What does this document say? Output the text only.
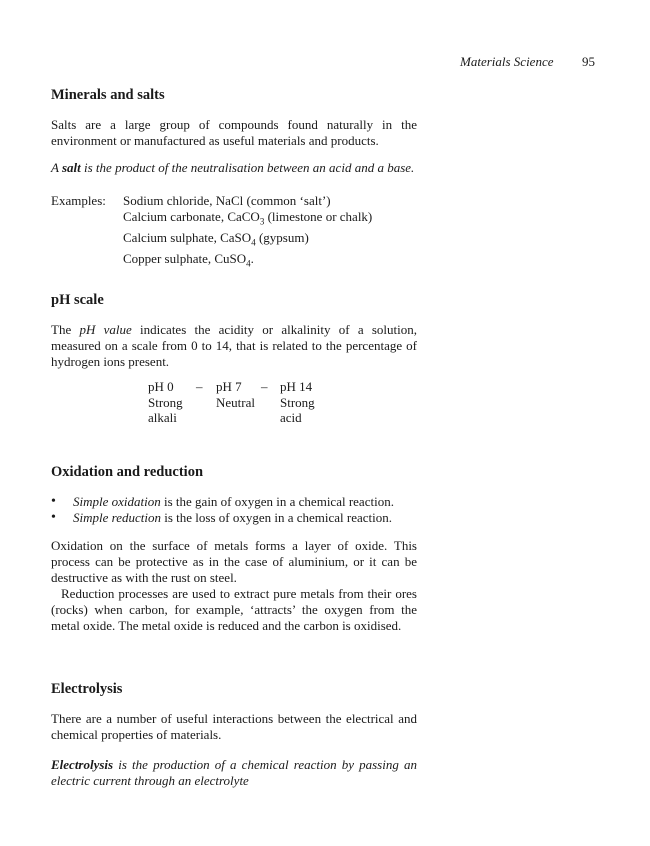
Materials Science 95
Minerals and salts

Salts are a large group of compounds found naturally in the environment or manufactured as useful materials and products.

A salt is the product of the neutralisation between an acid and a base.

Examples: Sodium chloride, NaCl (common ‘salt’)
Calcium carbonate, CaCO$_3$ (limestone or chalk)
Calcium sulphate, CaSO$_4$ (gypsum)
Copper sulphate, CuSO$_4$.
pH scale

The pH value indicates the acidity or alkalinity of a solution, measured on a scale from 0 to 14, that is related to the percentage of hydrogen ions present.

pH 0
Strong
alkali
– pH 7
Neutral
– pH 14
Strong
acid
Oxidation and reduction
• Simple oxidation is the gain of oxygen in a chemical reaction.
• Simple reduction is the loss of oxygen in a chemical reaction.

Oxidation on the surface of metals forms a layer of oxide. This process can be protective as in the case of aluminium, or it can be destructive as with the rust on steel.

Reduction processes are used to extract pure metals from their ores (rocks) when carbon, for example, ‘attracts’ the oxygen from the metal oxide. The metal oxide is reduced and the carbon is oxidised.

Electrolysis

There are a number of useful interactions between the electrical and chemical properties of materials.

Electrolysis is the production of a chemical reaction by passing an electric current through an electrolyte
